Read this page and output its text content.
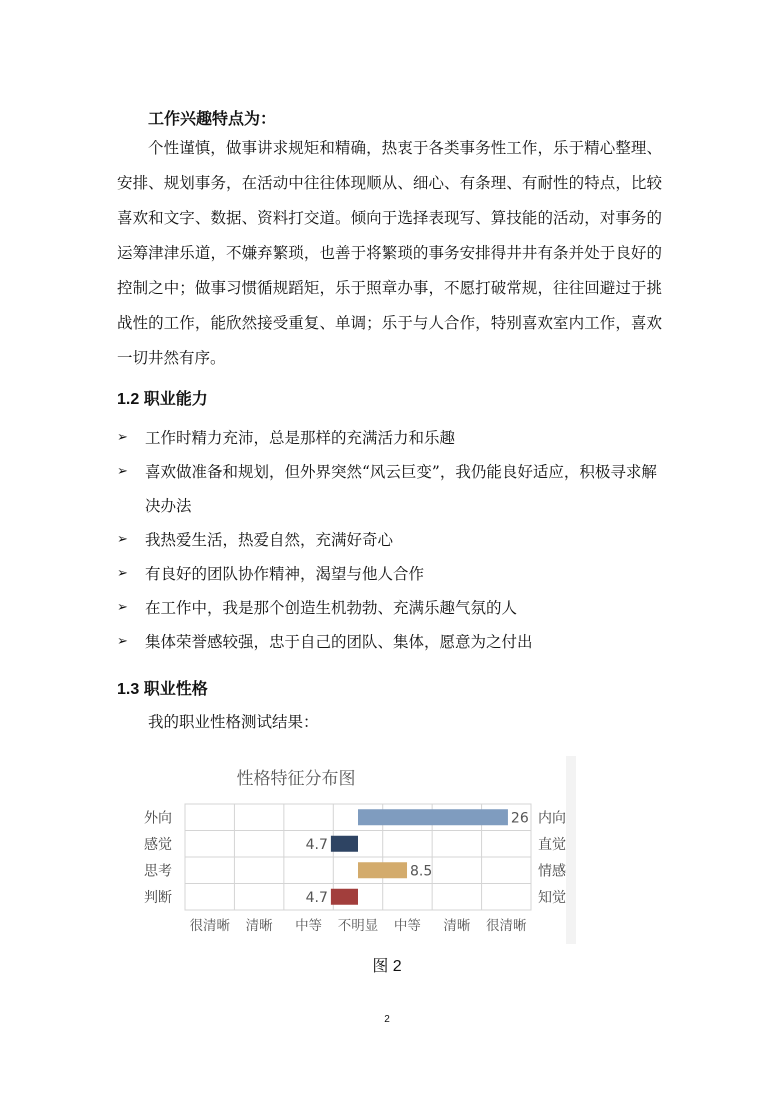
工作兴趣特点为：
个性谨慎，做事讲求规矩和精确，热衷于各类事务性工作，乐于精心整理、安排、规划事务，在活动中往往体现顺从、细心、有条理、有耐性的特点，比较喜欢和文字、数据、资料打交道。倾向于选择表现写、算技能的活动，对事务的运筹津津乐道，不嫌弃繁琐，也善于将繁琐的事务安排得井井有条并处于良好的控制之中；做事习惯循规蹈矩，乐于照章办事，不愿打破常规，往往回避过于挑战性的工作，能欣然接受重复、单调；乐于与人合作，特别喜欢室内工作，喜欢一切井然有序。
1.2 职业能力
➢ 工作时精力充沛，总是那样的充满活力和乐趣
➢ 喜欢做准备和规划，但外界突然“风云巨变”，我仍能良好适应，积极寻求解决办法
➢ 我热爱生活，热爱自然，充满好奇心
➢ 有良好的团队协作精神，渴望与他人合作
➢ 在工作中，我是那个创造生机勃勃、充满乐趣气氛的人
➢ 集体荣誉感较强，忠于自己的团队、集体，愿意为之付出
1.3 职业性格
我的职业性格测试结果：
性格特征分布图
26
外向	内向
4.7
感觉	直觉
8.5
思考	情感
4.7
判断	知觉
很清晰 清晰 中等 不明显 中等 清晰 很清晰
图 2
2
